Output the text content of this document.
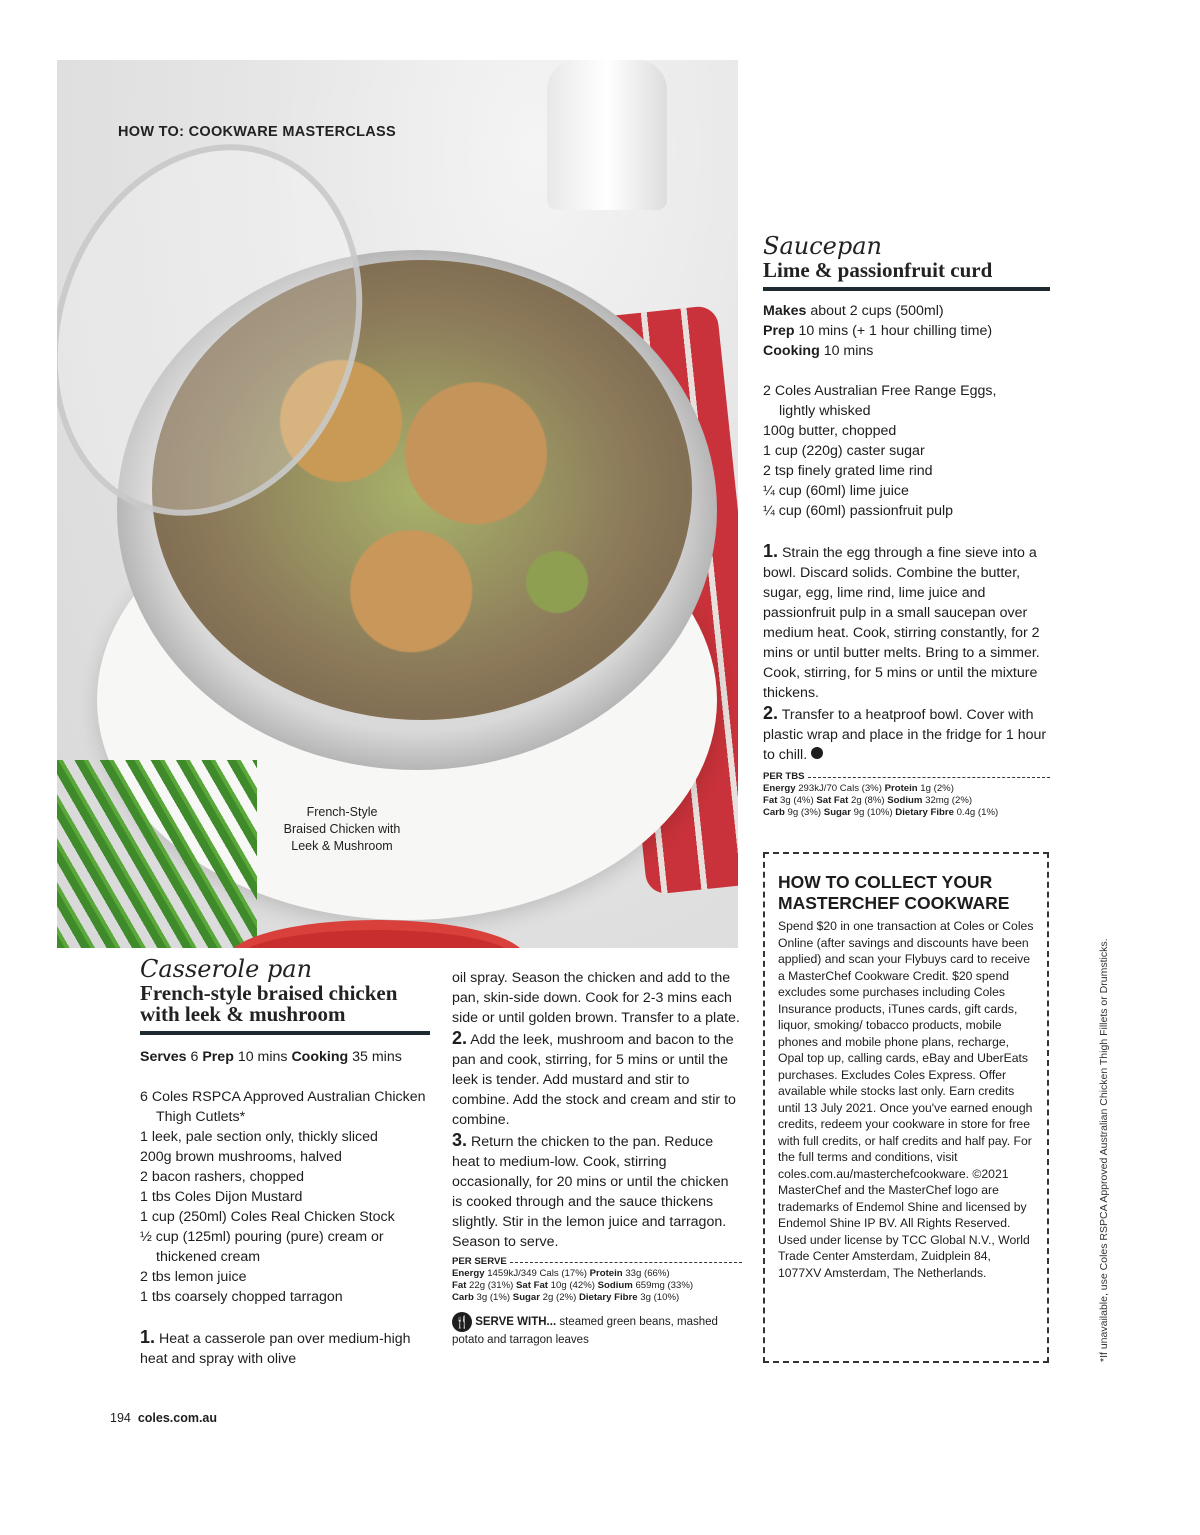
HOW TO: COOKWARE MASTERCLASS
French-Style
Braised Chicken with
Leek & Mushroom
Saucepan
Lime & passionfruit curd
Makes about 2 cups (500ml)
Prep 10 mins (+ 1 hour chilling time)
Cooking 10 mins
2 Coles Australian Free Range Eggs, lightly whisked
100g butter, chopped
1 cup (220g) caster sugar
2 tsp finely grated lime rind
¼ cup (60ml) lime juice
¼ cup (60ml) passionfruit pulp
1. Strain the egg through a fine sieve into a bowl. Discard solids. Combine the butter, sugar, egg, lime rind, lime juice and passionfruit pulp in a small saucepan over medium heat. Cook, stirring constantly, for 2 mins or until butter melts. Bring to a simmer. Cook, stirring, for 5 mins or until the mixture thickens.
2. Transfer to a heatproof bowl. Cover with plastic wrap and place in the fridge for 1 hour to chill.
PER TBS
Energy 293kJ/70 Cals (3%) Protein 1g (2%)
Fat 3g (4%) Sat Fat 2g (8%) Sodium 32mg (2%)
Carb 9g (3%) Sugar 9g (10%) Dietary Fibre 0.4g (1%)
Casserole pan
French-style braised chicken with leek & mushroom
Serves 6 Prep 10 mins Cooking 35 mins
6 Coles RSPCA Approved Australian Chicken Thigh Cutlets*
1 leek, pale section only, thickly sliced
200g brown mushrooms, halved
2 bacon rashers, chopped
1 tbs Coles Dijon Mustard
1 cup (250ml) Coles Real Chicken Stock
½ cup (125ml) pouring (pure) cream or thickened cream
2 tbs lemon juice
1 tbs coarsely chopped tarragon
1. Heat a casserole pan over medium-high heat and spray with olive
oil spray. Season the chicken and add to the pan, skin-side down. Cook for 2-3 mins each side or until golden brown. Transfer to a plate.
2. Add the leek, mushroom and bacon to the pan and cook, stirring, for 5 mins or until the leek is tender. Add mustard and stir to combine. Add the stock and cream and stir to combine.
3. Return the chicken to the pan. Reduce heat to medium-low. Cook, stirring occasionally, for 20 mins or until the chicken is cooked through and the sauce thickens slightly. Stir in the lemon juice and tarragon. Season to serve.
PER SERVE
Energy 1459kJ/349 Cals (17%) Protein 33g (66%)
Fat 22g (31%) Sat Fat 10g (42%) Sodium 659mg (33%)
Carb 3g (1%) Sugar 2g (2%) Dietary Fibre 3g (10%)
🍴 SERVE WITH... steamed green beans, mashed potato and tarragon leaves
HOW TO COLLECT YOUR MASTERCHEF COOKWARE

Spend $20 in one transaction at Coles or Coles Online (after savings and discounts have been applied) and scan your Flybuys card to receive a MasterChef Cookware Credit. $20 spend excludes some purchases including Coles Insurance products, iTunes cards, gift cards, liquor, smoking/ tobacco products, mobile phones and mobile phone plans, recharge, Opal top up, calling cards, eBay and UberEats purchases. Excludes Coles Express. Offer available while stocks last only. Earn credits until 13 July 2021. Once you've earned enough credits, redeem your cookware in store for free with full credits, or half credits and half pay. For the full terms and conditions, visit coles.com.au/masterchefcookware. ©2021 MasterChef and the MasterChef logo are trademarks of Endemol Shine and licensed by Endemol Shine IP BV. All Rights Reserved. Used under license by TCC Global N.V., World Trade Center Amsterdam, Zuidplein 84, 1077XV Amsterdam, The Netherlands.	*If unavailable, use Coles RSPCA Approved Australian Chicken Thigh Fillets or Drumsticks.
194 coles.com.au
